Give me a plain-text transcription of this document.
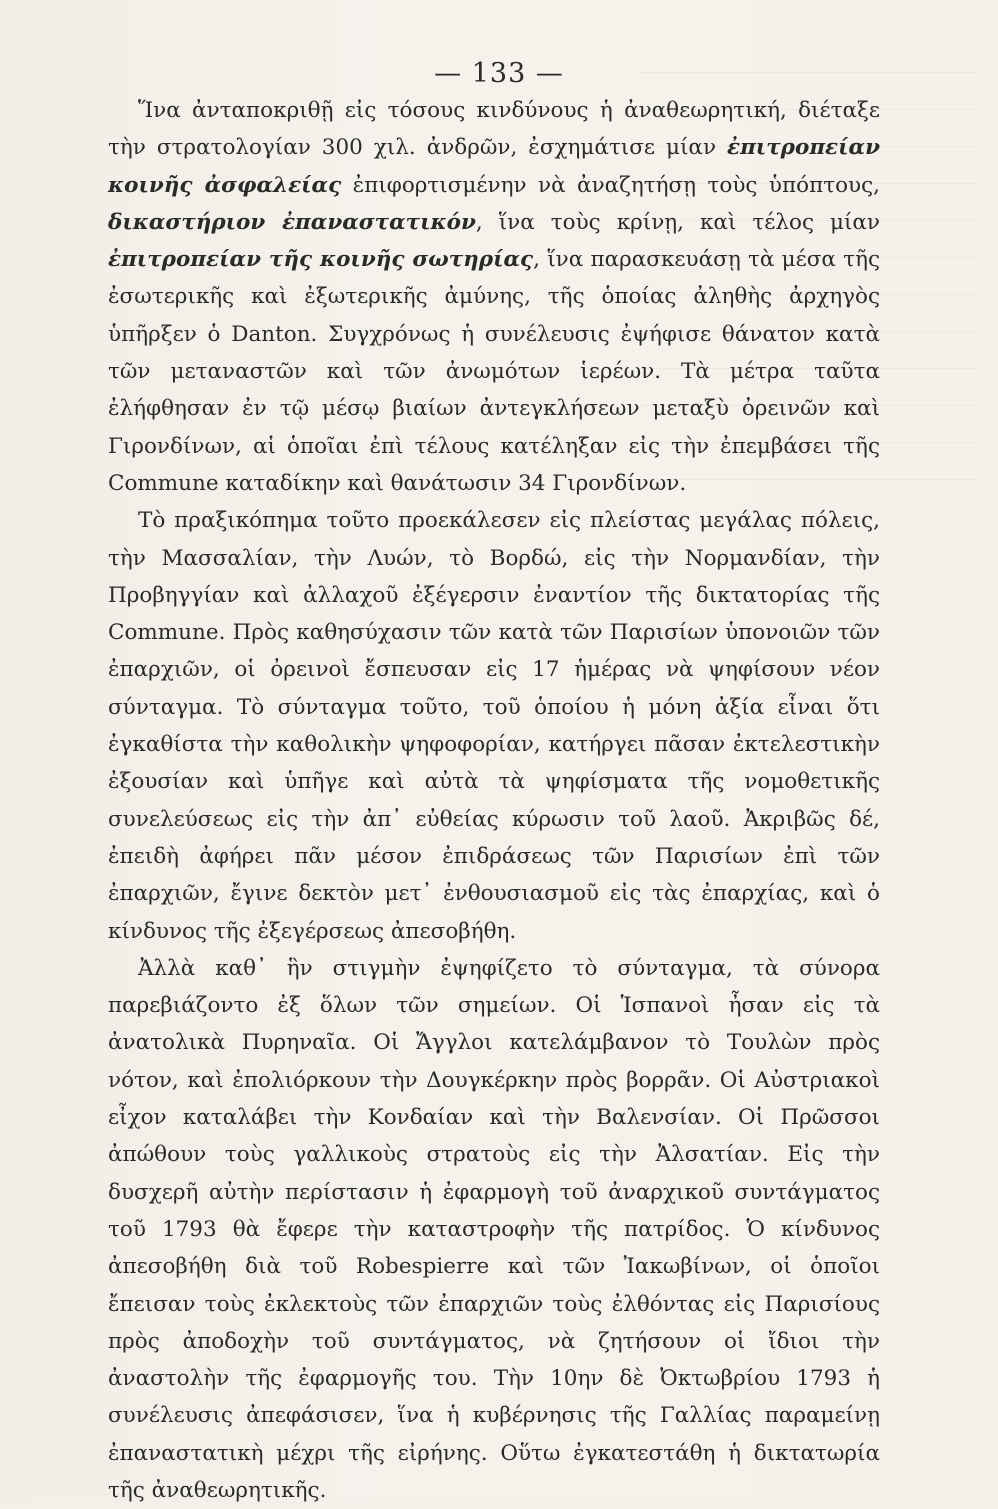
— 133 —

Ἵνα ἀνταποκριθῇ εἰς τόσους κινδύνους ἡ ἀναθεωρητική, διέταξε τὴν στρατολογίαν 300 χιλ. ἀνδρῶν, ἐσχημάτισε μίαν ἐπιτροπείαν κοινῆς ἀσφαλείας ἐπιφορτισμένην νὰ ἀναζητήσῃ τοὺς ὑπόπτους, δικαστήριον ἐπαναστατικόν, ἵνα τοὺς κρίνῃ, καὶ τέλος μίαν ἐπιτροπείαν τῆς κοινῆς σωτηρίας, ἵνα παρασκευάσῃ τὰ μέσα τῆς ἐσωτερικῆς καὶ ἐξωτερικῆς ἀμύνης, τῆς ὁποίας ἀληθὴς ἀρχηγὸς ὑπῆρξεν ὁ Danton. Συγχρόνως ἡ συνέλευσις ἐψήφισε θάνατον κατὰ τῶν μεταναστῶν καὶ τῶν ἀνωμότων ἱερέων. Τὰ μέτρα ταῦτα ἐλήφθησαν ἐν τῷ μέσῳ βιαίων ἀντεγκλήσεων μεταξὺ ὀρεινῶν καὶ Γιρονδίνων, αἱ ὁποῖαι ἐπὶ τέλους κατέληξαν εἰς τὴν ἐπεμβάσει τῆς Commune καταδίκην καὶ θανάτωσιν 34 Γιρονδίνων.

Τὸ πραξικόπημα τοῦτο προεκάλεσεν εἰς πλείστας μεγάλας πόλεις, τὴν Μασσαλίαν, τὴν Λυών, τὸ Βορδώ, εἰς τὴν Νορμανδίαν, τὴν Προβηγγίαν καὶ ἀλλαχοῦ ἐξέγερσιν ἐναντίον τῆς δικτατορίας τῆς Commune. Πρὸς καθησύχασιν τῶν κατὰ τῶν Παρισίων ὑπονοιῶν τῶν ἐπαρχιῶν, οἱ ὀρεινοὶ ἔσπευσαν εἰς 17 ἡμέρας νὰ ψηφίσουν νέον σύνταγμα. Τὸ σύνταγμα τοῦτο, τοῦ ὁποίου ἡ μόνη ἀξία εἶναι ὅτι ἐγκαθίστα τὴν καθολικὴν ψηφοφορίαν, κατήργει πᾶσαν ἐκτελεστικὴν ἐξουσίαν καὶ ὑπῆγε καὶ αὐτὰ τὰ ψηφίσματα τῆς νομοθετικῆς συνελεύσεως εἰς τὴν ἀπ᾽ εὐθείας κύρωσιν τοῦ λαοῦ. Ἀκριβῶς δέ, ἐπειδὴ ἀφήρει πᾶν μέσον ἐπιδράσεως τῶν Παρισίων ἐπὶ τῶν ἐπαρχιῶν, ἔγινε δεκτὸν μετ᾽ ἐνθουσιασμοῦ εἰς τὰς ἐπαρχίας, καὶ ὁ κίνδυνος τῆς ἐξεγέρσεως ἀπεσοβήθη.

Ἀλλὰ καθ᾽ ἣν στιγμὴν ἐψηφίζετο τὸ σύνταγμα, τὰ σύνορα παρεβιάζοντο ἐξ ὅλων τῶν σημείων. Οἱ Ἱσπανοὶ ἦσαν εἰς τὰ ἀνατολικὰ Πυρηναῖα. Οἱ Ἄγγλοι κατελάμβανον τὸ Τουλὼν πρὸς νότον, καὶ ἐπολιόρκουν τὴν Δουγκέρκην πρὸς βορρᾶν. Οἱ Αὐστριακοὶ εἶχον καταλάβει τὴν Κονδαίαν καὶ τὴν Βαλενσίαν. Οἱ Πρῶσσοι ἀπώθουν τοὺς γαλλικοὺς στρατοὺς εἰς τὴν Ἀλσατίαν. Εἰς τὴν δυσχερῆ αὐτὴν περίστασιν ἡ ἐφαρμογὴ τοῦ ἀναρχικοῦ συντάγματος τοῦ 1793 θὰ ἔφερε τὴν καταστροφὴν τῆς πατρίδος. Ὁ κίνδυνος ἀπεσοβήθη διὰ τοῦ Robespierre καὶ τῶν Ἰακωβίνων, οἱ ὁποῖοι ἔπεισαν τοὺς ἐκλεκτοὺς τῶν ἐπαρχιῶν τοὺς ἐλθόντας εἰς Παρισίους πρὸς ἀποδοχὴν τοῦ συντάγματος, νὰ ζητήσουν οἱ ἴδιοι τὴν ἀναστολὴν τῆς ἐφαρμογῆς του. Τὴν 10ην δὲ Ὀκτωβρίου 1793 ἡ συνέλευσις ἀπεφάσισεν, ἵνα ἡ κυβέρνησις τῆς Γαλλίας παραμείνῃ ἐπαναστατικὴ μέχρι τῆς εἰρήνης. Οὕτω ἐγκατεστάθη ἡ δικτατωρία τῆς ἀναθεωρητικῆς.
